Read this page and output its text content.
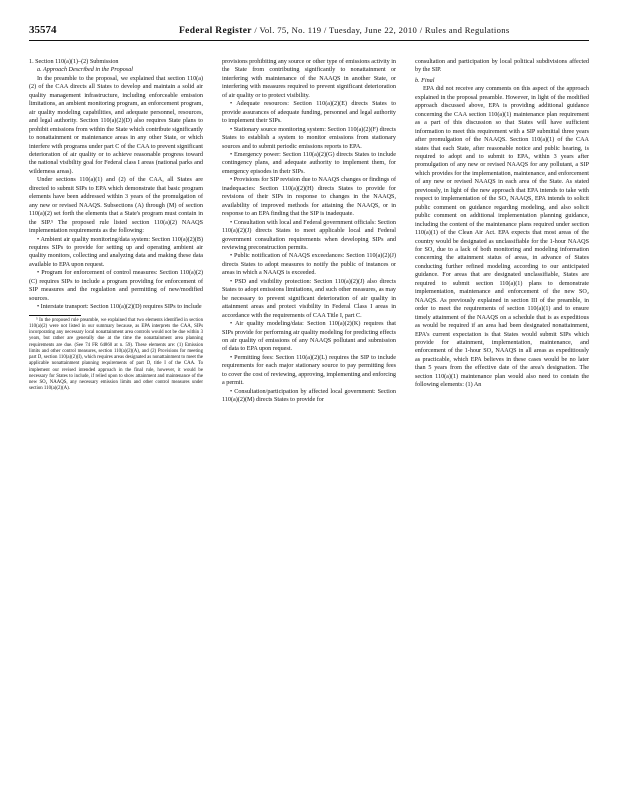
35574	Federal Register / Vol. 75, No. 119 / Tuesday, June 22, 2010 / Rules and Regulations

1. Section 110(a)(1)–(2) Submission

a. Approach Described in the Proposal

In the preamble to the proposal, we explained that section 110(a)(2) of the CAA directs all States to develop and maintain a solid air quality management infrastructure, including enforceable emission limitations, an ambient monitoring program, an enforcement program, air quality modeling capabilities, and adequate personnel, resources, and legal authority. Section 110(a)(2)(D) also requires State plans to prohibit emissions from within the State which contribute significantly to nonattainment or maintenance areas in any other State, or which interfere with programs under part C of the CAA to prevent significant deterioration of air quality or to achieve reasonable progress toward the national visibility goal for Federal class I areas (national parks and wilderness areas).

Under sections 110(a)(1) and (2) of the CAA, all States are directed to submit SIPs to EPA which demonstrate that basic program elements have been addressed within 3 years of the promulgation of any new or revised NAAQS. Subsections (A) through (M) of section 110(a)(2) set forth the elements that a State's program must contain in the SIP.⁵ The proposed rule listed section 110(a)(2) NAAQS implementation requirements as the following:

• Ambient air quality monitoring/data system: Section 110(a)(2)(B) requires SIPs to provide for setting up and operating ambient air quality monitors, collecting and analyzing data and making these data available to EPA upon request.

• Program for enforcement of control measures: Section 110(a)(2)(C) requires SIPs to include a program providing for enforcement of SIP measures and the regulation and permitting of new/modified sources.

• Interstate transport: Section 110(a)(2)(D) requires SIPs to include

⁵ In the proposed rule preamble, we explained that two elements identified in section 110(a)(2) were not listed in our summary because, as EPA interprets the CAA, SIPs incorporating any necessary local nonattainment area controls would not be due within 3 years, but rather are generally due at the time the nonattainment area planning requirements are due. (See 74 FR 64860 at n. 59). These elements are: (1) Emission limits and other control measures, section 110(a)(2)(A), and (2) Provisions for meeting part D, section 110(a)(2)(I), which requires areas designated as nonattainment to meet the applicable nonattainment planning requirements of part D, title I of the CAA. To implement our revised intended approach in the final rule, however, it would be necessary for States to include, if relied upon to show attainment and maintenance of the new SO₂ NAAQS, any necessary emission limits and other control measures under section 110(a)(2)(A).

provisions prohibiting any source or other type of emissions activity in the State from contributing significantly to nonattainment or interfering with maintenance of the NAAQS in another State, or interfering with measures required to prevent significant deterioration of air quality or to protect visibility.

• Adequate resources: Section 110(a)(2)(E) directs States to provide assurances of adequate funding, personnel and legal authority to implement their SIPs.

• Stationary source monitoring system: Section 110(a)(2)(F) directs States to establish a system to monitor emissions from stationary sources and to submit periodic emissions reports to EPA.

• Emergency power: Section 110(a)(2)(G) directs States to include contingency plans, and adequate authority to implement them, for emergency episodes in their SIPs.

• Provisions for SIP revision due to NAAQS changes or findings of inadequacies: Section 110(a)(2)(H) directs States to provide for revisions of their SIPs in response to changes in the NAAQS, availability of improved methods for attaining the NAAQS, or in response to an EPA finding that the SIP is inadequate.

• Consultation with local and Federal government officials: Section 110(a)(2)(J) directs States to meet applicable local and Federal government consultation requirements when developing SIPs and reviewing preconstruction permits.

• Public notification of NAAQS exceedances: Section 110(a)(2)(J) directs States to adopt measures to notify the public of instances or areas in which a NAAQS is exceeded.

• PSD and visibility protection: Section 110(a)(2)(J) also directs States to adopt emissions limitations, and such other measures, as may be necessary to prevent significant deterioration of air quality in attainment areas and protect visibility in Federal Class I areas in accordance with the requirements of CAA Title I, part C.

• Air quality modeling/data: Section 110(a)(2)(K) requires that SIPs provide for performing air quality modeling for predicting effects on air quality of emissions of any NAAQS pollutant and submission of data to EPA upon request.

• Permitting fees: Section 110(a)(2)(L) requires the SIP to include requirements for each major stationary source to pay permitting fees to cover the cost of reviewing, approving, implementing and enforcing a permit.

• Consultation/participation by affected local government: Section 110(a)(2)(M) directs States to provide for

consultation and participation by local political subdivisions affected by the SIP.

b. Final

EPA did not receive any comments on this aspect of the approach explained in the proposal preamble. However, in light of the modified approach discussed above, EPA is providing additional guidance concerning the CAA section 110(a)(1) maintenance plan requirement as a part of this discussion so that States will have sufficient information to meet this requirement with a SIP submittal three years after promulgation of the NAAQS. Section 110(a)(1) of the CAA states that each State, after reasonable notice and public hearing, is required to adopt and to submit to EPA, within 3 years after promulgation of any new or revised NAAQS for any pollutant, a SIP which provides for the implementation, maintenance, and enforcement of any new or revised NAAQS in each area of the State. As stated previously, in light of the new approach that EPA intends to take with respect to implementation of the SO₂ NAAQS, EPA intends to solicit public comment on guidance regarding modeling, and also solicit public comment on additional implementation planning guidance, including the content of the maintenance plans required under section 110(a)(1) of the Clean Air Act. EPA expects that most areas of the country would be designated as unclassifiable for the 1-hour NAAQS for SO₂ due to a lack of both monitoring and modeling information concerning the attainment status of areas, in advance of States conducting further refined modeling according to our anticipated guidance. For areas that are designated unclassifiable, States are required to submit section 110(a)(1) plans to demonstrate implementation, maintenance and enforcement of the new SO₂ NAAQS. As previously explained in section III of the preamble, in order to meet the requirements of section 110(a)(1) and to ensure timely attainment of the NAAQS on a schedule that is as expeditious as would be required if an area had been designated nonattainment, EPA's current expectation is that States would submit SIPs which provide for attainment, implementation, maintenance, and enforcement of the 1-hour SO₂ NAAQS in all areas as expeditiously as practicable, which EPA believes in these cases would be no later than 5 years from the effective date of the area's designation. The section 110(a)(1) maintenance plan would also need to contain the following elements: (1) An
